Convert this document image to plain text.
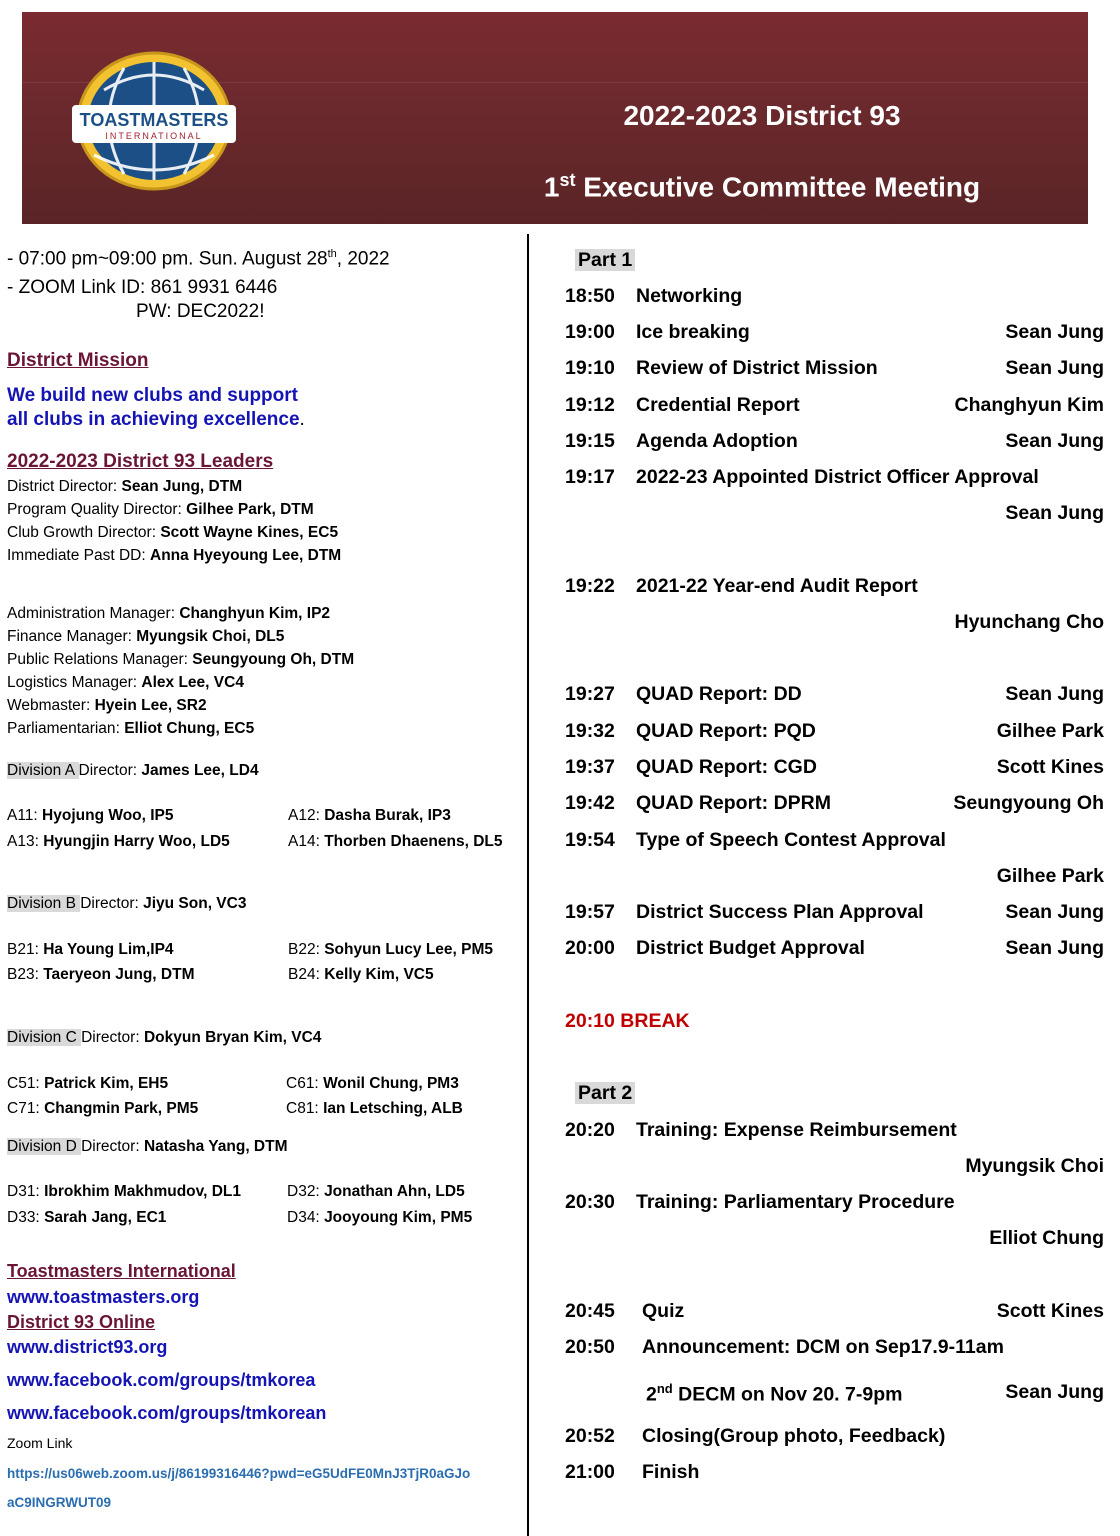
TOASTMASTERS
INTERNATIONAL
2022-2023 District 93
1st Executive Committee Meeting
- 07:00 pm~09:00 pm. Sun. August 28th, 2022
- ZOOM Link ID: 861 9931 6446
PW: DEC2022!
District Mission
We build new clubs and support
all clubs in achieving excellence.
2022-2023 District 93 Leaders
District Director: Sean Jung, DTM
Program Quality Director: Gilhee Park, DTM
Club Growth Director: Scott Wayne Kines, EC5
Immediate Past DD: Anna Hyeyoung Lee, DTM
Administration Manager: Changhyun Kim, IP2
Finance Manager: Myungsik Choi, DL5
Public Relations Manager: Seungyoung Oh, DTM
Logistics Manager: Alex Lee, VC4
Webmaster: Hyein Lee, SR2
Parliamentarian: Elliot Chung, EC5
Division A Director: James Lee, LD4
A11: Hyojung Woo, IP5	A12: Dasha Burak, IP3
A13: Hyungjin Harry Woo, LD5	A14: Thorben Dhaenens, DL5
Division B Director: Jiyu Son, VC3
B21: Ha Young Lim,IP4	B22: Sohyun Lucy Lee, PM5
B23: Taeryeon Jung, DTM	B24: Kelly Kim, VC5
Division C Director: Dokyun Bryan Kim, VC4
C51: Patrick Kim, EH5	C61: Wonil Chung, PM3
C71: Changmin Park, PM5	C81: Ian Letsching, ALB
Division D Director: Natasha Yang, DTM
D31: Ibrokhim Makhmudov, DL1	D32: Jonathan Ahn, LD5
D33: Sarah Jang, EC1	D34: Jooyoung Kim, PM5
Toastmasters International
www.toastmasters.org
District 93 Online
www.district93.org
www.facebook.com/groups/tmkorea
www.facebook.com/groups/tmkorean
Zoom Link
https://us06web.zoom.us/j/86199316446?pwd=eG5UdFE0MnJ3TjR0aGJo
aC9INGRWUT09
Part 1
18:50 Networking
19:00 Ice breaking	Sean Jung
19:10 Review of District Mission	Sean Jung
19:12 Credential Report	Changhyun Kim
19:15 Agenda Adoption	Sean Jung
19:17 2022-23 Appointed District Officer Approval
Sean Jung
19:22 2021-22 Year-end Audit Report
Hyunchang Cho
19:27 QUAD Report: DD	Sean Jung
19:32 QUAD Report: PQD	Gilhee Park
19:37 QUAD Report: CGD	Scott Kines
19:42 QUAD Report: DPRM	Seungyoung Oh
19:54 Type of Speech Contest Approval
Gilhee Park
19:57 District Success Plan Approval	Sean Jung
20:00 District Budget Approval	Sean Jung
20:10 BREAK
Part 2
20:20 Training: Expense Reimbursement
Myungsik Choi
20:30 Training: Parliamentary Procedure
Elliot Chung
20:45 Quiz	Scott Kines
20:50 Announcement: DCM on Sep17.9-11am
2nd DECM on Nov 20. 7-9pm	Sean Jung
20:52 Closing(Group photo, Feedback)
21:00 Finish
